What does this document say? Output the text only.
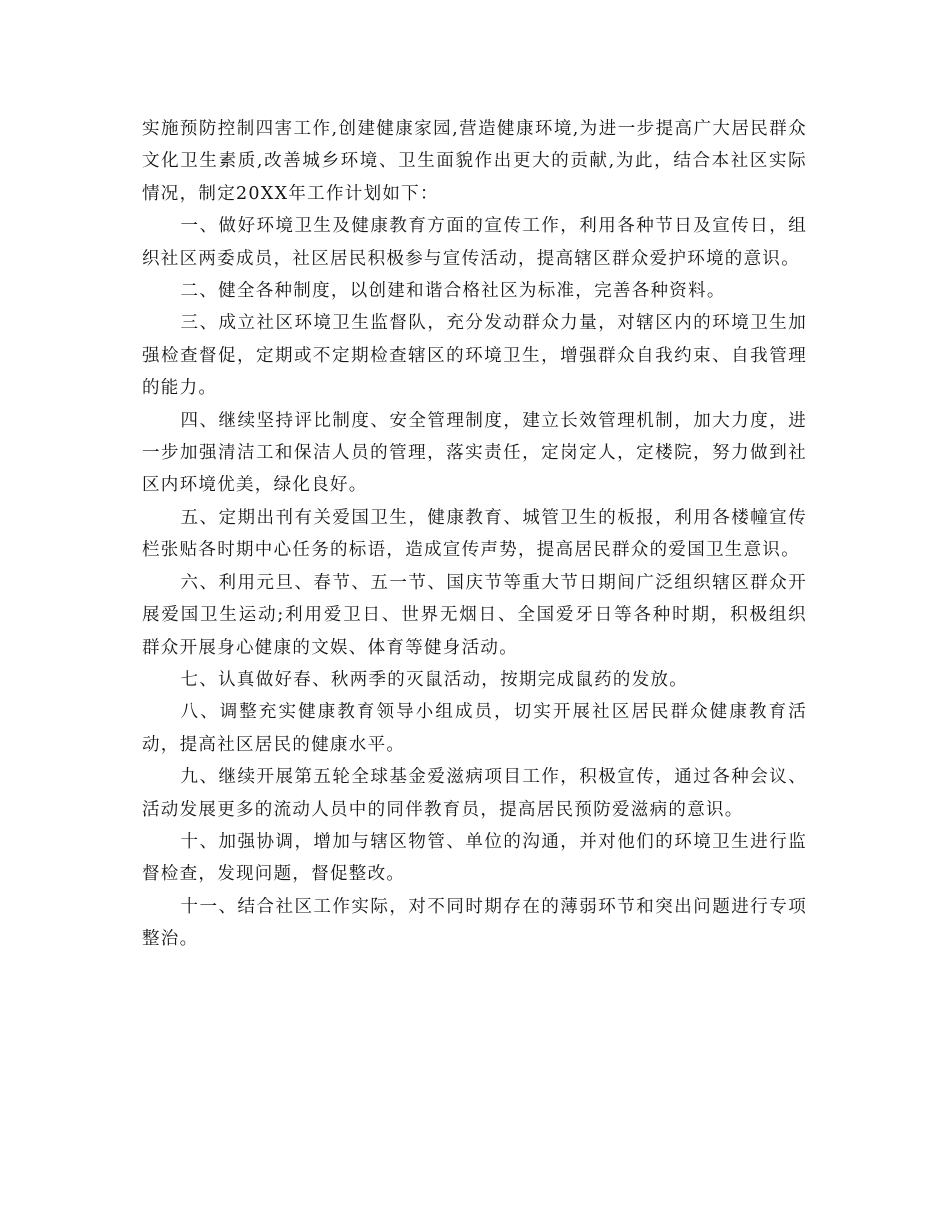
实施预防控制四害工作,创建健康家园,营造健康环境,为进一步提高广大居民群众文化卫生素质,改善城乡环境、卫生面貌作出更大的贡献,为此，结合本社区实际情况，制定20XX年工作计划如下：

一、做好环境卫生及健康教育方面的宣传工作，利用各种节日及宣传日，组织社区两委成员，社区居民积极参与宣传活动，提高辖区群众爱护环境的意识。

二、健全各种制度，以创建和谐合格社区为标准，完善各种资料。

三、成立社区环境卫生监督队，充分发动群众力量，对辖区内的环境卫生加强检查督促，定期或不定期检查辖区的环境卫生，增强群众自我约束、自我管理的能力。

四、继续坚持评比制度、安全管理制度，建立长效管理机制，加大力度，进一步加强清洁工和保洁人员的管理，落实责任，定岗定人，定楼院，努力做到社区内环境优美，绿化良好。

五、定期出刊有关爱国卫生，健康教育、城管卫生的板报，利用各楼幢宣传栏张贴各时期中心任务的标语，造成宣传声势，提高居民群众的爱国卫生意识。

六、利用元旦、春节、五一节、国庆节等重大节日期间广泛组织辖区群众开展爱国卫生运动;利用爱卫日、世界无烟日、全国爱牙日等各种时期，积极组织群众开展身心健康的文娱、体育等健身活动。

七、认真做好春、秋两季的灭鼠活动，按期完成鼠药的发放。

八、调整充实健康教育领导小组成员，切实开展社区居民群众健康教育活动，提高社区居民的健康水平。

九、继续开展第五轮全球基金爱滋病项目工作，积极宣传，通过各种会议、活动发展更多的流动人员中的同伴教育员，提高居民预防爱滋病的意识。

十、加强协调，增加与辖区物管、单位的沟通，并对他们的环境卫生进行监督检查，发现问题，督促整改。

十一、结合社区工作实际，对不同时期存在的薄弱环节和突出问题进行专项整治。
